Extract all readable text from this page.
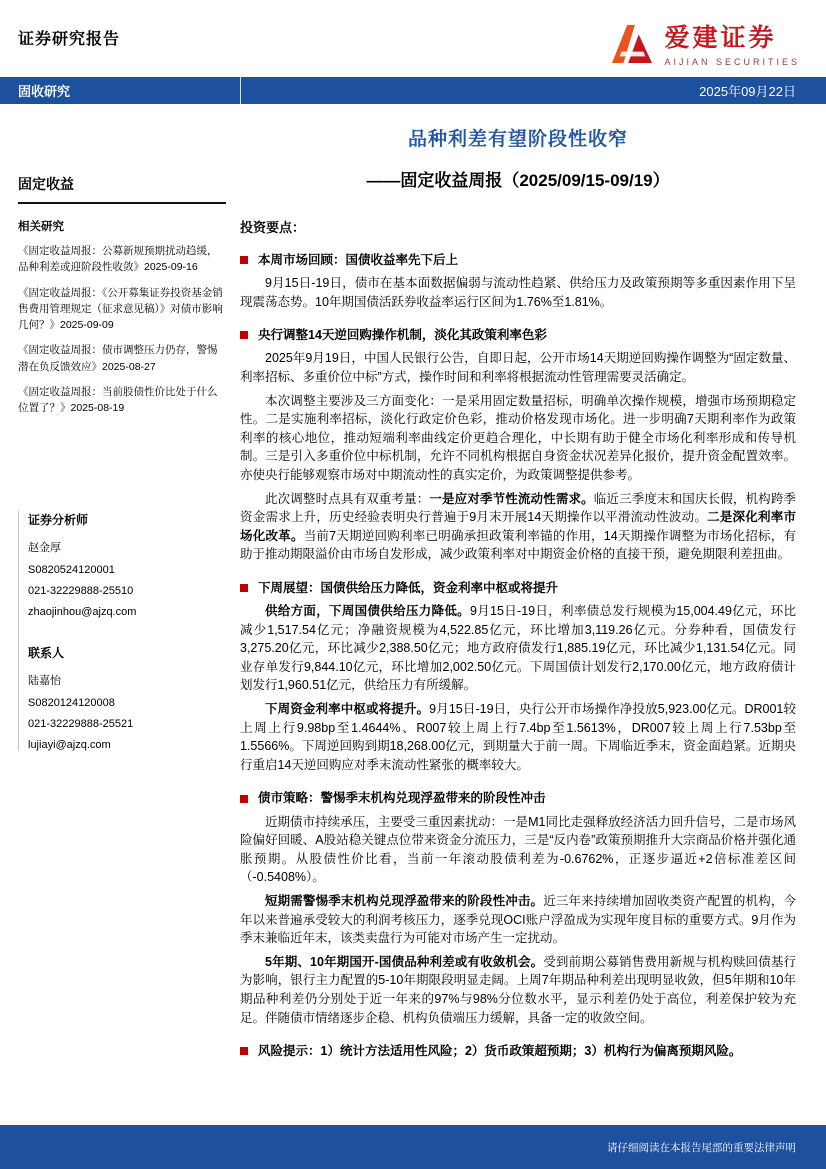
证券研究报告	爱建证券
AIJIAN SECURITIES
固收研究	2025年09月22日
固定收益
相关研究
《固定收益周报：公募新规预期扰动趋缓，品种利差或迎阶段性收敛》2025-09-16
《固定收益周报：《公开募集证券投资基金销售费用管理规定（征求意见稿）》对债市影响几何？》2025-09-09
《固定收益周报：债市调整压力仍存，警惕潜在负反馈效应》2025-08-27
《固定收益周报：当前股债性价比处于什么位置了？》2025-08-19
证券分析师

赵金厚

S0820524120001

021-32229888-25510

zhaojinhou@ajzq.com

联系人

陆嘉怡

S0820124120008

021-32229888-25521

lujiayi@ajzq.com

品种利差有望阶段性收窄
——固定收益周报（2025/09/15-09/19）
投资要点：
本周市场回顾：国债收益率先下后上

9月15日-19日，债市在基本面数据偏弱与流动性趋紧、供给压力及政策预期等多重因素作用下呈现震荡态势。10年期国债活跃券收益率运行区间为1.76%至1.81%。

央行调整14天逆回购操作机制，淡化其政策利率色彩

2025年9月19日，中国人民银行公告，自即日起，公开市场14天期逆回购操作调整为“固定数量、利率招标、多重价位中标”方式，操作时间和利率将根据流动性管理需要灵活确定。

本次调整主要涉及三方面变化：一是采用固定数量招标，明确单次操作规模，增强市场预期稳定性。二是实施利率招标，淡化行政定价色彩，推动价格发现市场化。进一步明确7天期利率作为政策利率的核心地位，推动短端利率曲线定价更趋合理化，中长期有助于健全市场化利率形成和传导机制。三是引入多重价位中标机制，允许不同机构根据自身资金状况差异化报价，提升资金配置效率。亦使央行能够观察市场对中期流动性的真实定价，为政策调整提供参考。

此次调整时点具有双重考量：一是应对季节性流动性需求。临近三季度末和国庆长假，机构跨季资金需求上升，历史经验表明央行普遍于9月末开展14天期操作以平滑流动性波动。二是深化利率市场化改革。当前7天期逆回购利率已明确承担政策利率锚的作用，14天期操作调整为市场化招标，有助于推动期限溢价由市场自发形成，减少政策利率对中期资金价格的直接干预，避免期限利差扭曲。

下周展望：国债供给压力降低，资金利率中枢或将提升

供给方面，下周国债供给压力降低。9月15日-19日，利率债总发行规模为15,004.49亿元，环比减少1,517.54亿元；净融资规模为4,522.85亿元，环比增加3,119.26亿元。分券种看，国债发行3,275.20亿元，环比减少2,388.50亿元；地方政府债发行1,885.19亿元，环比减少1,131.54亿元。同业存单发行9,844.10亿元，环比增加2,002.50亿元。下周国债计划发行2,170.00亿元，地方政府债计划发行1,960.51亿元，供给压力有所缓解。

下周资金利率中枢或将提升。9月15日-19日，央行公开市场操作净投放5,923.00亿元。DR001较上周上行9.98bp至1.4644%、R007较上周上行7.4bp至1.5613%，DR007较上周上行7.53bp至1.5566%。下周逆回购到期18,268.00亿元，到期量大于前一周。下周临近季末，资金面趋紧。近期央行重启14天逆回购应对季末流动性紧张的概率较大。

债市策略：警惕季末机构兑现浮盈带来的阶段性冲击

近期债市持续承压，主要受三重因素扰动：一是M1同比走强释放经济活力回升信号，二是市场风险偏好回暖、A股站稳关键点位带来资金分流压力，三是“反内卷”政策预期推升大宗商品价格并强化通胀预期。从股债性价比看，当前一年滚动股债利差为-0.6762%，正逐步逼近+2倍标准差区间（-0.5408%）。

短期需警惕季末机构兑现浮盈带来的阶段性冲击。近三年来持续增加固收类资产配置的机构，今年以来普遍承受较大的利润考核压力，逐季兑现OCI账户浮盈成为实现年度目标的重要方式。9月作为季末兼临近年末，该类卖盘行为可能对市场产生一定扰动。

5年期、10年期国开-国债品种利差或有收敛机会。受到前期公募销售费用新规与机构赎回债基行为影响，银行主力配置的5-10年期限段明显走阔。上周7年期品种利差出现明显收敛，但5年期和10年期品种利差仍分别处于近一年来的97%与98%分位数水平，显示利差仍处于高位，利差保护较为充足。伴随债市情绪逐步企稳、机构负债端压力缓解，具备一定的收敛空间。

风险提示：1）统计方法适用性风险；2）货币政策超预期；3）机构行为偏离预期风险。
请仔细阅读在本报告尾部的重要法律声明
